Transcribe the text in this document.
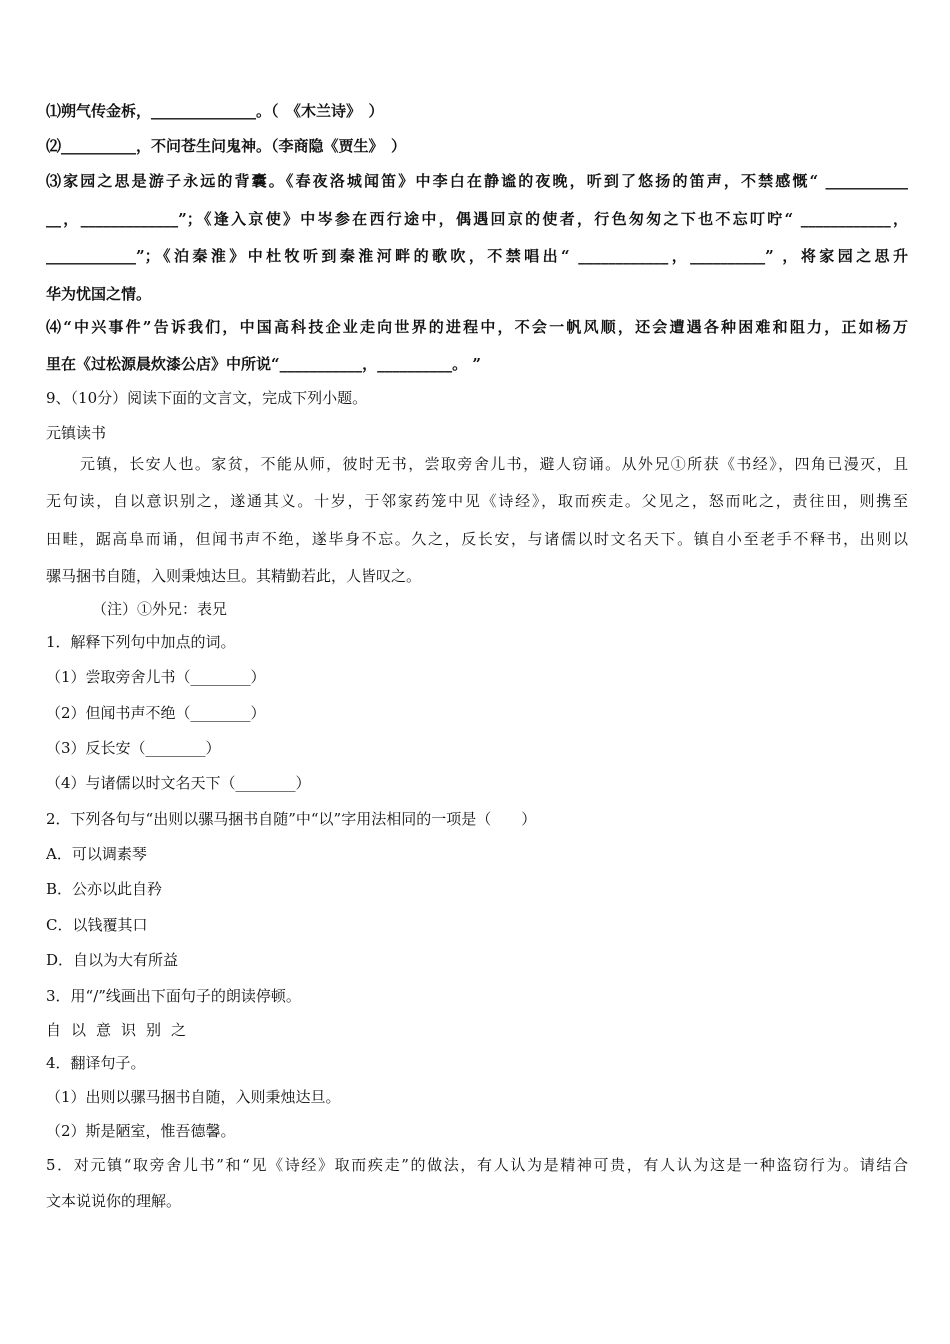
⑴朔气传金柝，______________。（　《木兰诗》　）
⑵__________，不问苍生问鬼神。（李商隐《贾生》　）
⑶家园之思是游子永远的背囊。《春夜洛城闻笛》中李白在静谧的夜晚，听到了悠扬的笛声，不禁感慨“ ___________
__，_____________”；《逢入京使》中岑参在西行途中，偶遇回京的使者，行色匆匆之下也不忘叮咛“ ____________，
____________”；《泊秦淮》中杜牧听到秦淮河畔的歌吹，不禁唱出“ ____________，__________” ，将家园之思升
华为忧国之情。
⑷“中兴事件”告诉我们，中国高科技企业走向世界的进程中，不会一帆风顺，还会遭遇各种困难和阻力，正如杨万
里在《过松源晨炊漆公店》中所说“___________，__________。 ”
9、（10分）阅读下面的文言文，完成下列小题。
元镇读书
元镇，长安人也。家贫，不能从师，彼时无书，尝取旁舍儿书，避人窃诵。从外兄①所获《书经》，四角已漫灭，且
无句读，自以意识别之，遂通其义。十岁，于邻家药笼中见《诗经》，取而疾走。父见之，怒而叱之，责往田，则携至
田畦，踞高阜而诵，但闻书声不绝，遂毕身不忘。久之，反长安，与诸儒以时文名天下。镇自小至老手不释书，出则以
骡马捆书自随，入则秉烛达旦。其精勤若此，人皆叹之。
（注）①外兄：表兄
1．解释下列句中加点的词。
（1）尝取旁舍儿书（________）
（2）但闻书声不绝（________）
（3）反长安（________）
（4）与诸儒以时文名天下（________）
2．下列各句与“出则以骡马捆书自随”中“以”字用法相同的一项是（　　）
A．可以调素琴
B．公亦以此自矜
C．以钱覆其口
D．自以为大有所益
3．用“/”线画出下面句子的朗读停顿。
自以意识别之
4．翻译句子。
（1）出则以骡马捆书自随，入则秉烛达旦。
（2）斯是陋室，惟吾德馨。
5．对元镇“取旁舍儿书”和“见《诗经》取而疾走”的做法，有人认为是精神可贵，有人认为这是一种盗窃行为。请结合
文本说说你的理解。
